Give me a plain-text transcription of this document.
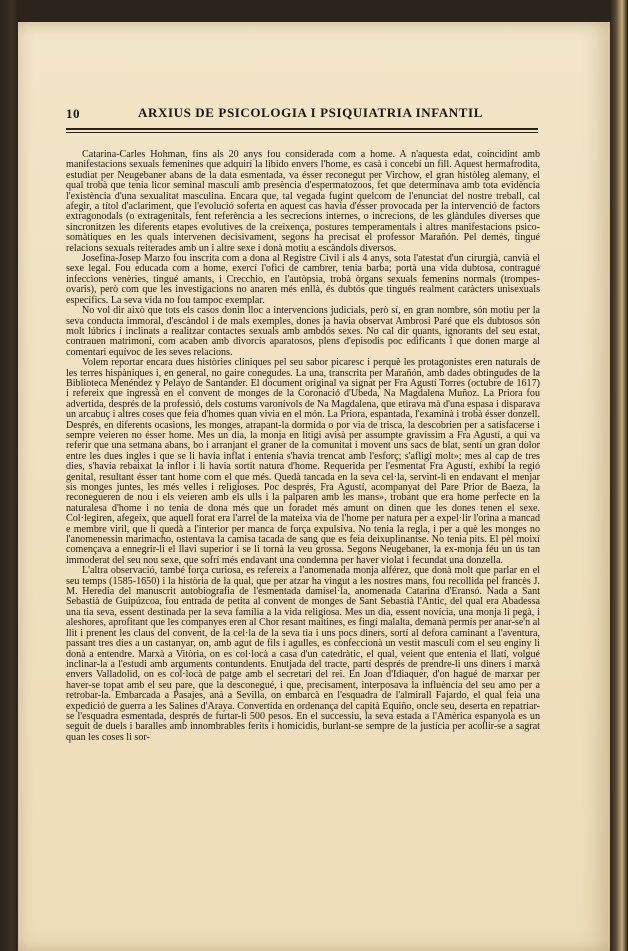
10	ARXIUS DE PSICOLOGIA I PSIQUIATRIA INFANTIL

Catarina-Carles Hohman, fins als 20 anys fou considerada com a home. A n'aquesta edat, coincidint amb manifestacions sexuals femenines que adquirí la libido envers l'home, es casà i concebí un fill. Aquest hermafrodita, estudiat per Neugebaner abans de la data esmentada, va ésser reconegut per Virchow, el gran històleg alemany, el qual trobà que tenia licor seminal masculí amb presència d'espermatozoos, fet que determinava amb tota evidència l'existència d'una sexualitat masculina. Encara que, tal vegada fugint quelcom de l'enunciat del nostre treball, cal afegir, a títol d'aclariment, que l'evolució soferta en aquest cas havia d'ésser provocada per la intervenció de factors extragonodals (o extragenitals, fent referència a les secrecions internes, o increcions, de les glàndules diverses que sincronitzen les diferents etapes evolutives de la creixença, postures temperamentals i altres manifestacions psico-somàtiques en les quals intervenen decisivament, segons ha precisat el professor Marañón. Pel demés, tingué relacions sexuals reiterades amb un i altre sexe i donà motiu a escàndols diversos.

Josefina-Josep Marzo fou inscrita com a dona al Registre Civil i als 4 anys, sota l'atestat d'un cirurgià, canvià el sexe legal. Fou educada com a home, exercí l'ofici de cambrer, tenia barba; portà una vida dubtosa, contragué infeccions venèries, tingué amants, i Crecchio, en l'autòpsia, trobà òrgans sexuals femenins normals (trompes-ovaris), però com que les investigacions no anaren més enllà, és dubtós que tingués realment caràcters unisexuals específics. La seva vida no fou tampoc exemplar.

No vol dir això que tots els casos donin lloc a intervencions judicials, però sí, en gran nombre, són motiu per la seva conducta immoral, d'escàndol i de mals exemples, dones ja havia observat Ambrosi Paré que els dubtosos són molt lúbrics i inclinats a realitzar contactes sexuals amb ambdós sexes. No cal dir quants, ignorants del seu estat, contrauen matrimoni, com acaben amb divorcis aparatosos, plens d'episodis poc edificants i que donen marge al comentari equívoc de les seves relacions.

Volem reportar encara dues històries clíniques pel seu sabor picaresc i perquè les protagonistes eren naturals de les terres hispàniques i, en general, no gaire conegudes. La una, transcrita per Marañón, amb dades obtingudes de la Biblioteca Menéndez y Pelayo de Santander. El document original va signat per Fra Agustí Torres (octubre de 1617) i refereix que ingressà en el convent de monges de la Coronació d'Ubeda, Na Magdalena Muñoz. La Priora fou advertida, després de la professió, dels costums varonívols de Na Magdalena, que etirava mà d'una espasa i disparava un arcabuç i altres coses que feia d'homes quan vivia en el món. La Priora, espantada, l'examinà i trobà ésser donzell. Després, en diferents ocasions, les monges, atrapant-la dormida o por via de trisca, la descobrien per a satisfacerse i sempre veieren no ésser home. Mes un dia, la monja en litigi avisà per assumpte gravíssim a Fra Agustí, a qui va referir que una setmana abans, bo i arranjant el graner de la comunitat i movent uns sacs de blat, sentí un gran dolor entre les dues ingles i que se li havia inflat i entenia s'havia trencat amb l'esforç; s'afligí molt»; mes al cap de tres dies, s'havia rebaixat la inflor i li havia sortit natura d'home. Requerida per l'esmentat Fra Agustí, exhibí la regió genital, resultant ésser tant home com el que més. Quedà tancada en la seva cel·la, servint-li en endavant el menjar sis monges juntes, les més velles i religioses. Poc després, Fra Agustí, acompanyat del Pare Prior de Baeza, la reconegueren de nou i els veieren amb els ulls i la palparen amb les mans», trobant que era home perfecte en la naturalesa d'home i no tenia de dona més que un foradet més amunt on dinen que les dones tenen el sexe. Col·legiren, afegeix, que aquell forat era l'arrel de la mateixa via de l'home per natura per a expel·lir l'orina a mancad e membre viril, que li quedà a l'interior per manca de força expulsiva. No tenia la regla, i per a què les monges no l'anomenessin marimacho, ostentava la camisa tacada de sang que es feia deixuplinantse. No tenia pits. El pèl moixí començava a ennegrir-li el llavi superior i se li tornà la veu grossa. Segons Neugebaner, la ex-monja féu un ús tan immoderat del seu nou sexe, que sofrí més endavant una condemna per haver violat i fecundat una donzella.

L'altra observació, també força curiosa, es refereix a l'anomenada monja alférez, que donà molt que parlar en el seu temps (1585-1650) i la història de la qual, que per atzar ha vingut a les nostres mans, fou recollida pel francès J. M. Heredia del manuscrit autobiografia de l'esmentada damisel·la, anomenada Catarina d'Eransó. Nada a Sant Sebastià de Guipúzcoa, fou entrada de petita al convent de monges de Sant Sebastià l'Antic, del qual era Abadessa una tia seva, essent destinada per la seva família a la vida religiosa. Mes un dia, essent novícia, una monja li pegà, i aleshores, aprofitant que les companyes eren al Chor resant maitines, es fingí malalta, demanà permís per anar-se'n al llit i prenent les claus del convent, de la cel·la de la seva tia i uns pocs diners, sortí al defora caminant a l'aventura, passant tres dies a un castanyar, on, amb agut de fils i agulles, es confeccionà un vestit masculí com el seu enginy li donà a entendre. Marxà a Vitòria, on es col·locà a casa d'un catedràtic, el qual, veient que entenia el llatí, volgué inclinar-la a l'estudi amb arguments contundents. Enutjada del tracte, partí després de prendre-li uns diners i marxà envers Valladolid, on es col·locà de patge amb el secretari del rei. En Joan d'Idiaquer, d'on hagué de marxar per haver-se topat amb el seu pare, que la desconegué, i que, precisament, interposava la influència del seu amo per a retrobar-la. Embarcada a Pasajes, anà a Sevilla, on embarcà en l'esquadra de l'almirall Fajardo, el qual feia una expedició de guerra a les Salines d'Araya. Convertida en ordenança del capità Equiño, oncle seu, deserta en repatriar-se l'esquadra esmentada, després de furtar-li 500 pesos. En el successiu, la seva estada a l'Amèrica espanyola es un seguit de duels i baralles amb innombrables ferits i homicidis, burlant-se sempre de la justícia per acollir-se a sagrat quan les coses li sor-
